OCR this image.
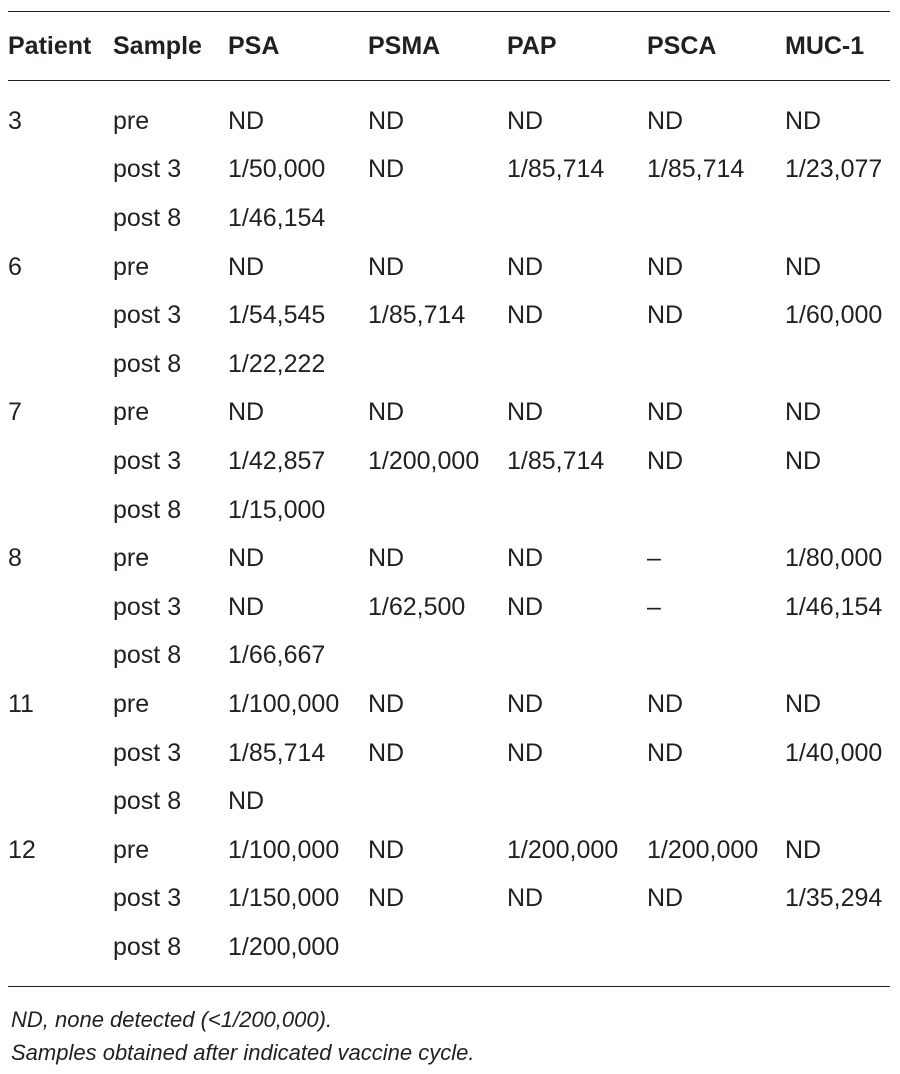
Patient	Sample	PSA	PSMA	PAP	PSCA	MUC-1

3	pre	ND	ND	ND	ND	ND
	post 3	1/50,000	ND	1/85,714	1/85,714	1/23,077
	post 8	1/46,154				
6	pre	ND	ND	ND	ND	ND
	post 3	1/54,545	1/85,714	ND	ND	1/60,000
	post 8	1/22,222				
7	pre	ND	ND	ND	ND	ND
	post 3	1/42,857	1/200,000	1/85,714	ND	ND
	post 8	1/15,000				
8	pre	ND	ND	ND	–	1/80,000
	post 3	ND	1/62,500	ND	–	1/46,154
	post 8	1/66,667				
11	pre	1/100,000	ND	ND	ND	ND
	post 3	1/85,714	ND	ND	ND	1/40,000
	post 8	ND				
12	pre	1/100,000	ND	1/200,000	1/200,000	ND
	post 3	1/150,000	ND	ND	ND	1/35,294
	post 8	1/200,000				
ND, none detected (<1/200,000).
Samples obtained after indicated vaccine cycle.
